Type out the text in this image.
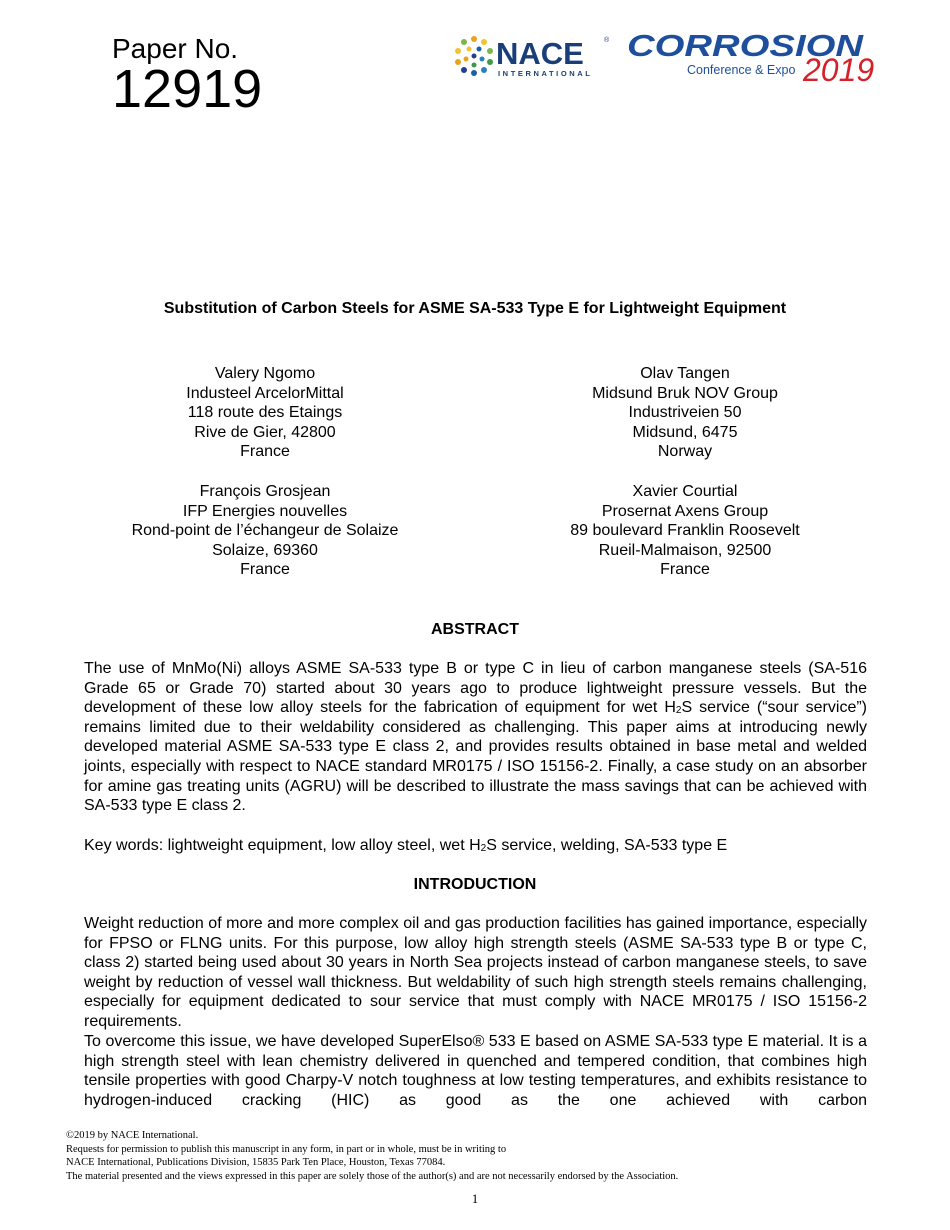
Paper No.
12919
NACE	®
INTERNATIONAL
CORROSION
Conference & Expo 2019
Substitution of Carbon Steels for ASME SA-533 Type E for Lightweight Equipment
Valery Ngomo
Industeel ArcelorMittal
118 route des Etaings
Rive de Gier, 42800
France
Olav Tangen
Midsund Bruk NOV Group
Industriveien 50
Midsund, 6475
Norway
François Grosjean
IFP Energies nouvelles
Rond-point de l’échangeur de Solaize
Solaize, 69360
France
Xavier Courtial
Prosernat Axens Group
89 boulevard Franklin Roosevelt
Rueil-Malmaison, 92500
France
ABSTRACT

The use of MnMo(Ni) alloys ASME SA-533 type B or type C in lieu of carbon manganese steels (SA-516 Grade 65 or Grade 70) started about 30 years ago to produce lightweight pressure vessels. But the development of these low alloy steels for the fabrication of equipment for wet $H_2S$ service (“sour service”) remains limited due to their weldability considered as challenging. This paper aims at introducing newly developed material ASME SA-533 type E class 2, and provides results obtained in base metal and welded joints, especially with respect to NACE standard MR0175 / ISO 15156-2. Finally, a case study on an absorber for amine gas treating units (AGRU) will be described to illustrate the mass savings that can be achieved with SA-533 type E class 2.

Key words: lightweight equipment, low alloy steel, wet $H_2S$ service, welding, SA-533 type E

INTRODUCTION

Weight reduction of more and more complex oil and gas production facilities has gained importance, especially for FPSO or FLNG units. For this purpose, low alloy high strength steels (ASME SA-533 type B or type C, class 2) started being used about 30 years in North Sea projects instead of carbon manganese steels, to save weight by reduction of vessel wall thickness. But weldability of such high strength steels remains challenging, especially for equipment dedicated to sour service that must comply with NACE MR0175 / ISO 15156-2 requirements.

To overcome this issue, we have developed SuperElso® 533 E based on ASME SA-533 type E material. It is a high strength steel with lean chemistry delivered in quenched and tempered condition, that combines high tensile properties with good Charpy-V notch toughness at low testing temperatures, and exhibits resistance to hydrogen-induced cracking (HIC) as good as the one achieved with carbon

©2019 by NACE International.
Requests for permission to publish this manuscript in any form, in part or in whole, must be in writing to
NACE International, Publications Division, 15835 Park Ten Place, Houston, Texas 77084.
The material presented and the views expressed in this paper are solely those of the author(s) and are not necessarily endorsed by the Association.
1
